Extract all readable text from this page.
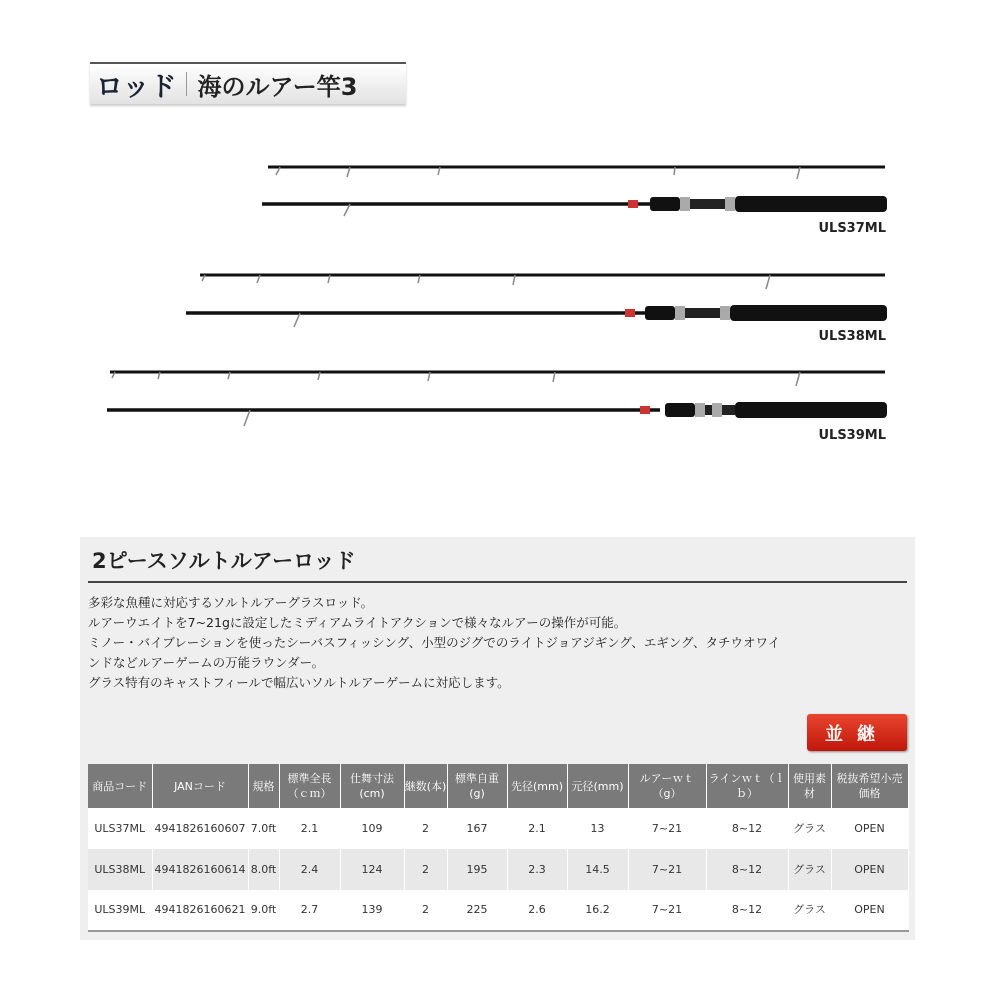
ロッド 海のルアー竿3
ULS37ML
ULS38ML
ULS39ML
2ピースソルトルアーロッド
多彩な魚種に対応するソルトルアーグラスロッド。
ルアーウエイトを7~21gに設定したミディアムライトアクションで様々なルアーの操作が可能。
ミノー・バイブレーションを使ったシーバスフィッシング、小型のジグでのライトジョアジギング、エギング、タチウオワイ
ンドなどルアーゲームの万能ラウンダー。
グラス特有のキャストフィールで幅広いソルトルアーゲームに対応します。
並継
商品コード	JANコード	規格	標準全長（ｃｍ）	仕舞寸法(cm)	継数(本)	標準自重(g)	先径(mm)	元径(mm)	ルアーｗｔ（g）	ラインｗｔ（ｌｂ）	使用素材	税抜希望小売価格
ULS37ML	4941826160607	7.0ft	2.1	109	2	167	2.1	13	7~21	8~12	グラス	OPEN
ULS38ML	4941826160614	8.0ft	2.4	124	2	195	2.3	14.5	7~21	8~12	グラス	OPEN
ULS39ML	4941826160621	9.0ft	2.7	139	2	225	2.6	16.2	7~21	8~12	グラス	OPEN
